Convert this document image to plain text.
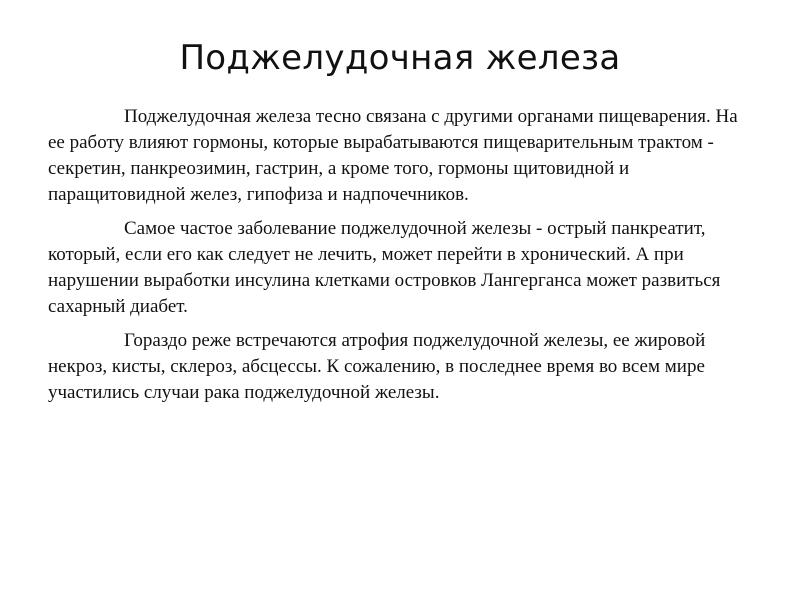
Поджелудочная железа

Поджелудочная железа тесно связана с другими органами пищеварения. На ее работу влияют гормоны, которые вырабатываются пищеварительным трактом - секретин, панкреозимин, гастрин, а кроме того, гормоны щитовидной и паращитовидной желез, гипофиза и надпочечников.

Самое частое заболевание поджелудочной железы - острый панкреатит, который, если его как следует не лечить, может перейти в хронический. А при нарушении выработки инсулина клетками островков Лангерганса может развиться сахарный диабет.

Гораздо реже встречаются атрофия поджелудочной железы, ее жировой некроз, кисты, склероз, абсцессы. К сожалению, в последнее время во всем мире участились случаи рака поджелудочной железы.
